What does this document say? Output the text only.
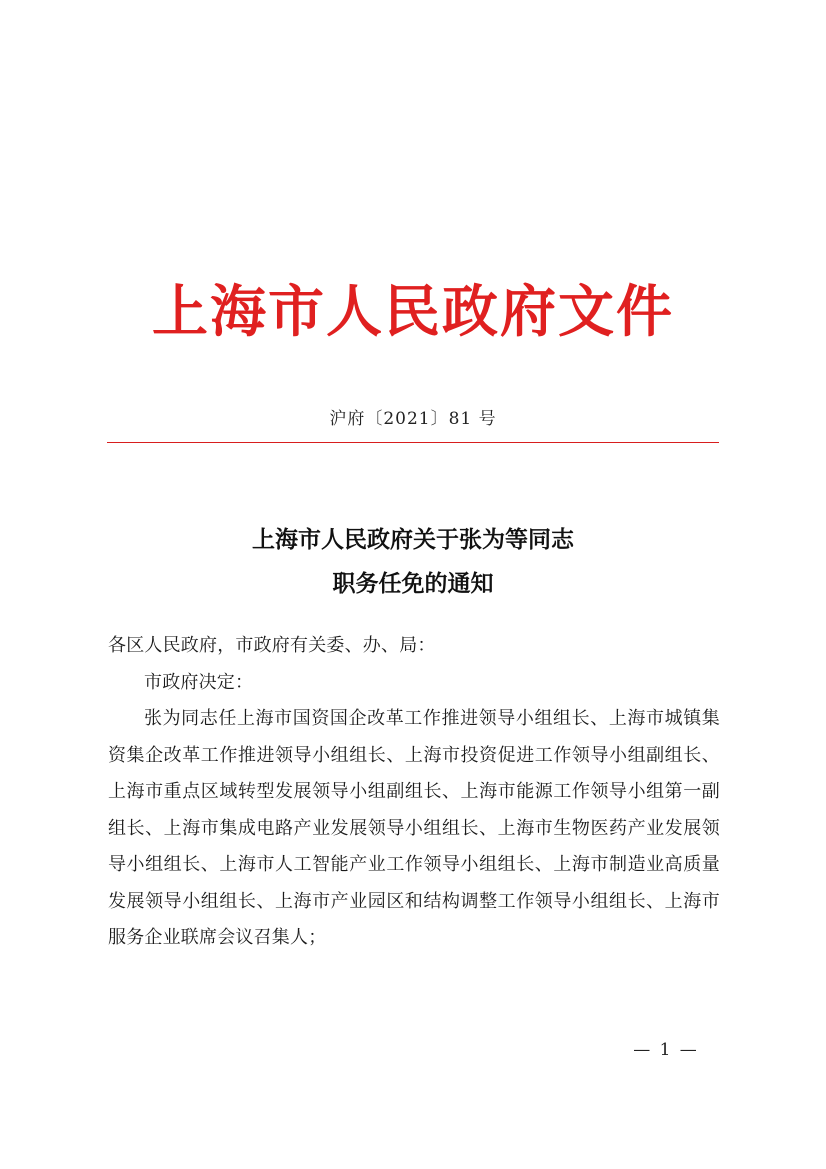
上海市人民政府文件
沪府〔2021〕81 号
上海市人民政府关于张为等同志
职务任免的通知

各区人民政府，市政府有关委、办、局：

市政府决定：

张为同志任上海市国资国企改革工作推进领导小组组长、上海市城镇集资集企改革工作推进领导小组组长、上海市投资促进工作领导小组副组长、上海市重点区域转型发展领导小组副组长、上海市能源工作领导小组第一副组长、上海市集成电路产业发展领导小组组长、上海市生物医药产业发展领导小组组长、上海市人工智能产业工作领导小组组长、上海市制造业高质量发展领导小组组长、上海市产业园区和结构调整工作领导小组组长、上海市服务企业联席会议召集人；

— 1 —
